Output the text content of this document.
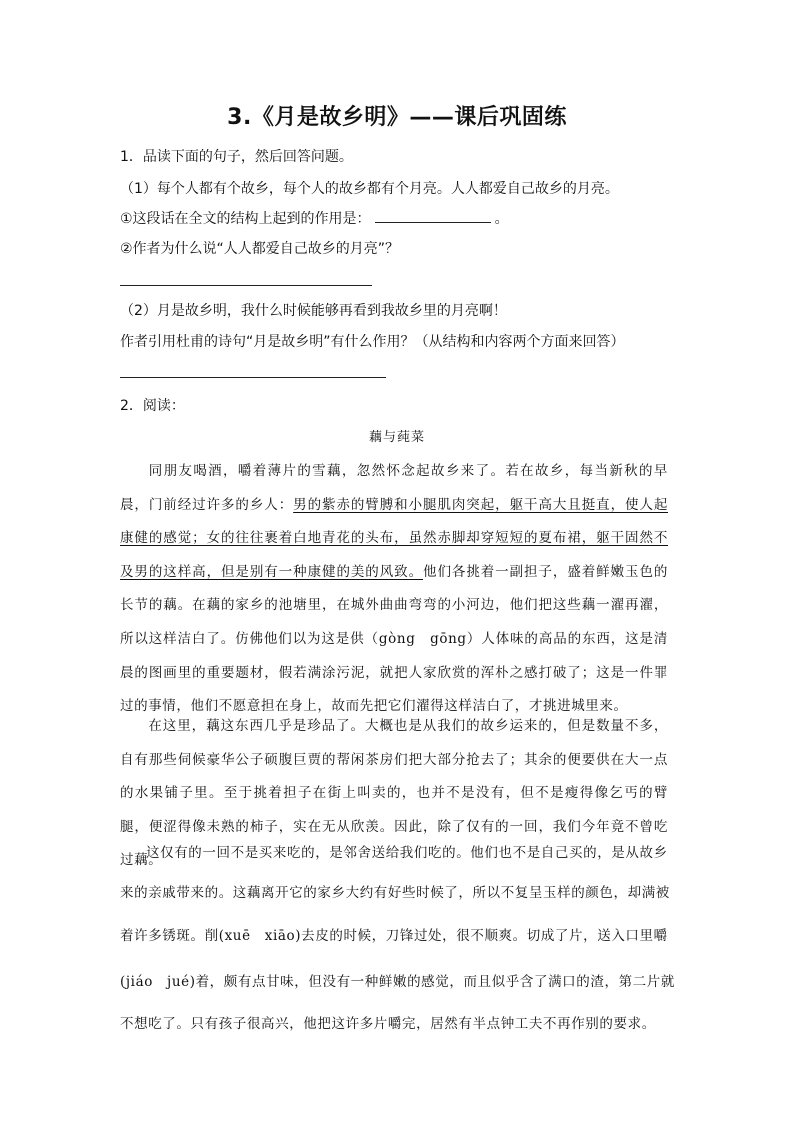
3.《月是故乡明》——课后巩固练
1．品读下面的句子，然后回答问题。
（1）每个人都有个故乡，每个人的故乡都有个月亮。人人都爱自己故乡的月亮。
①这段话在全文的结构上起到的作用是：	。
②作者为什么说“人人都爱自己故乡的月亮”？
（2）月是故乡明，我什么时候能够再看到我故乡里的月亮啊！
作者引用杜甫的诗句“月是故乡明”有什么作用？（从结构和内容两个方面来回答）
2．阅读：
藕与莼菜
同朋友喝酒，嚼着薄片的雪藕，忽然怀念起故乡来了。若在故乡，每当新秋的早晨，门前经过许多的乡人：男的紫赤的臂膊和小腿肌肉突起，躯干高大且挺直，使人起康健的感觉；女的往往裹着白地青花的头布，虽然赤脚却穿短短的夏布裙，躯干固然不及男的这样高，但是别有一种康健的美的风致。他们各挑着一副担子，盛着鲜嫩玉色的长节的藕。在藕的家乡的池塘里，在城外曲曲弯弯的小河边，他们把这些藕一濯再濯，所以这样洁白了。仿佛他们以为这是供（gòng　gōng）人体味的高品的东西，这是清晨的图画里的重要题材，假若满涂污泥，就把人家欣赏的浑朴之感打破了；这是一件罪过的事情，他们不愿意担在身上，故而先把它们濯得这样洁白了，才挑进城里来。
在这里，藕这东西几乎是珍品了。大概也是从我们的故乡运来的，但是数量不多，自有那些伺候豪华公子硕腹巨贾的帮闲茶房们把大部分抢去了；其余的便要供在大一点的水果铺子里。至于挑着担子在街上叫卖的，也并不是没有，但不是瘦得像乞丐的臂腿，便涩得像未熟的柿子，实在无从欣羡。因此，除了仅有的一回，我们今年竟不曾吃过藕。
这仅有的一回不是买来吃的，是邻舍送给我们吃的。他们也不是自己买的，是从故乡
来的亲戚带来的。这藕离开它的家乡大约有好些时候了，所以不复呈玉样的颜色，却满被
着许多锈斑。削(xuē　xiāo)去皮的时候，刀锋过处，很不顺爽。切成了片，送入口里嚼
(jiáo　jué)着，颇有点甘味，但没有一种鲜嫩的感觉，而且似乎含了满口的渣，第二片就
不想吃了。只有孩子很高兴，他把这许多片嚼完，居然有半点钟工夫不再作别的要求。
